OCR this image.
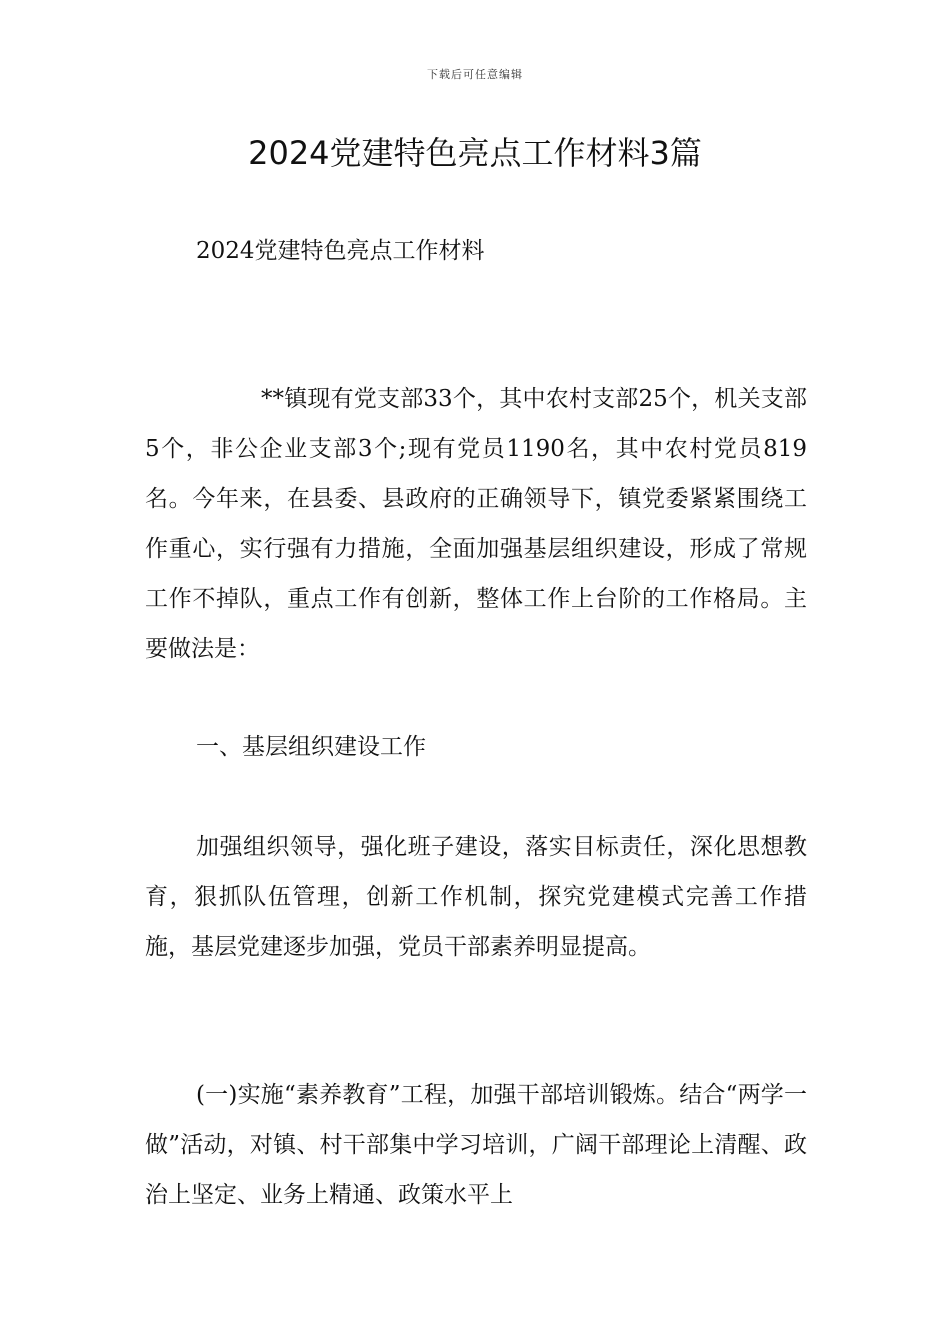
下载后可任意编辑
2024党建特色亮点工作材料3篇

2024党建特色亮点工作材料

**镇现有党支部33个，其中农村支部25个，机关支部5个，非公企业支部3个;现有党员1190名，其中农村党员819名。今年来，在县委、县政府的正确领导下，镇党委紧紧围绕工作重心，实行强有力措施，全面加强基层组织建设，形成了常规工作不掉队，重点工作有创新，整体工作上台阶的工作格局。主要做法是：

一、基层组织建设工作

加强组织领导，强化班子建设，落实目标责任，深化思想教育，狠抓队伍管理，创新工作机制，探究党建模式完善工作措施，基层党建逐步加强，党员干部素养明显提高。

(一)实施“素养教育”工程，加强干部培训锻炼。结合“两学一做”活动，对镇、村干部集中学习培训，广阔干部理论上清醒、政治上坚定、业务上精通、政策水平上
